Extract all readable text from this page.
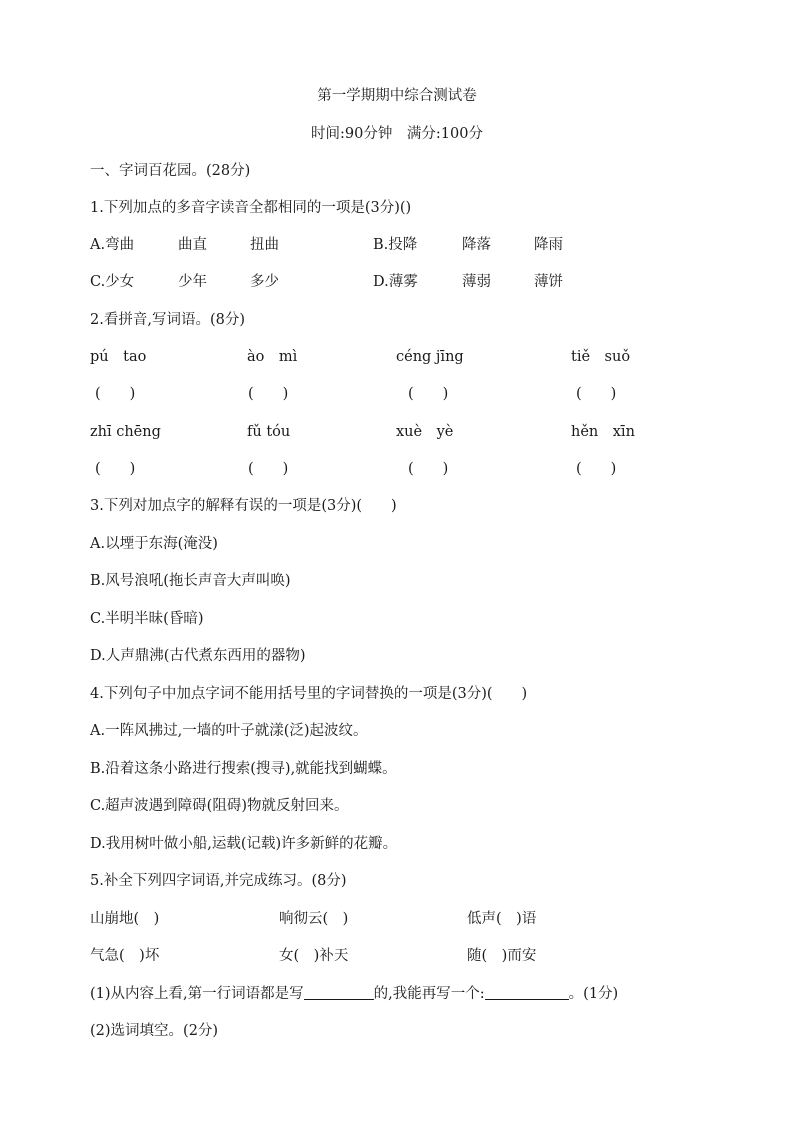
第一学期期中综合测试卷
时间:90分钟　满分:100分
一、字词百花园。(28分)
1.下列加点的多音字读音全都相同的一项是(3分)()
A.弯曲	曲直	扭曲	B.投降	降落	降雨
C.少女	少年	多少	D.薄雾	薄弱	薄饼
2.看拼音,写词语。(8分)
pú　tao	ào　mì	céng jīng	tiě　suǒ
(　　)	(　　)	(　　)	(　　)
zhī chēng	fǔ tóu	xuè　yè	hěn　xīn
(　　)	(　　)	(　　)	(　　)
3.下列对加点字的解释有误的一项是(3分)(　　)
A.以堙于东海(淹没)
B.风号浪吼(拖长声音大声叫唤)
C.半明半昧(昏暗)
D.人声鼎沸(古代煮东西用的器物)
4.下列句子中加点字词不能用括号里的字词替换的一项是(3分)(　　)
A.一阵风拂过,一墙的叶子就漾(泛)起波纹。
B.沿着这条小路进行搜索(搜寻),就能找到蝴蝶。
C.超声波遇到障碍(阻碍)物就反射回来。
D.我用树叶做小船,运载(记载)许多新鲜的花瓣。
5.补全下列四字词语,并完成练习。(8分)
山崩地(　)	响彻云(　)	低声(　)语
气急(　)坏	女(　)补天	随(　)而安
(1)从内容上看,第一行词语都是写	的,我能再写一个:	。(1分)
(2)选词填空。(2分)
